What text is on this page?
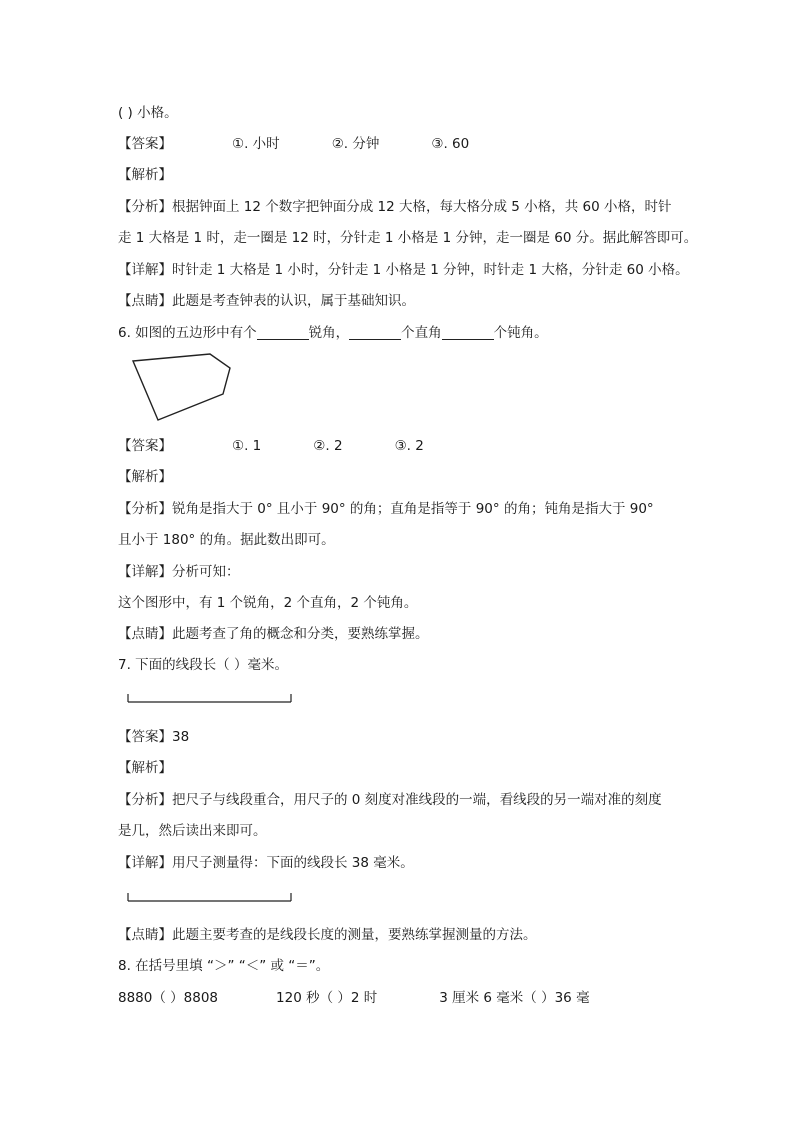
( ) 小格。
【答案】	①. 小时	②. 分钟	③. 60
【解析】
【分析】根据钟面上 12 个数字把钟面分成 12 大格，每大格分成 5 小格，共 60 小格，时针
走 1 大格是 1 时，走一圈是 12 时，分针走 1 小格是 1 分钟，走一圈是 60 分。据此解答即可。
【详解】时针走 1 大格是 1 小时，分针走 1 小格是 1 分钟，时针走 1 大格，分针走 60 小格。
【点睛】此题是考查钟表的认识，属于基础知识。
6. 如图的五边形中有个	锐角，	个直角	个钝角。
【答案】	①. 1	②. 2	③. 2
【解析】
【分析】锐角是指大于 0° 且小于 90° 的角；直角是指等于 90° 的角；钝角是指大于 90°
且小于 180° 的角。据此数出即可。
【详解】分析可知：
这个图形中，有 1 个锐角，2 个直角，2 个钝角。
【点睛】此题考查了角的概念和分类，要熟练掌握。
7. 下面的线段长（ ）毫米。
【答案】38
【解析】
【分析】把尺子与线段重合，用尺子的 0 刻度对准线段的一端，看线段的另一端对准的刻度
是几，然后读出来即可。
【详解】用尺子测量得：下面的线段长 38 毫米。
【点睛】此题主要考查的是线段长度的测量，要熟练掌握测量的方法。
8. 在括号里填 “＞” “＜” 或 “＝”。
8880（ ）8808	120 秒（ ）2 时	3 厘米 6 毫米（ ）36 毫
